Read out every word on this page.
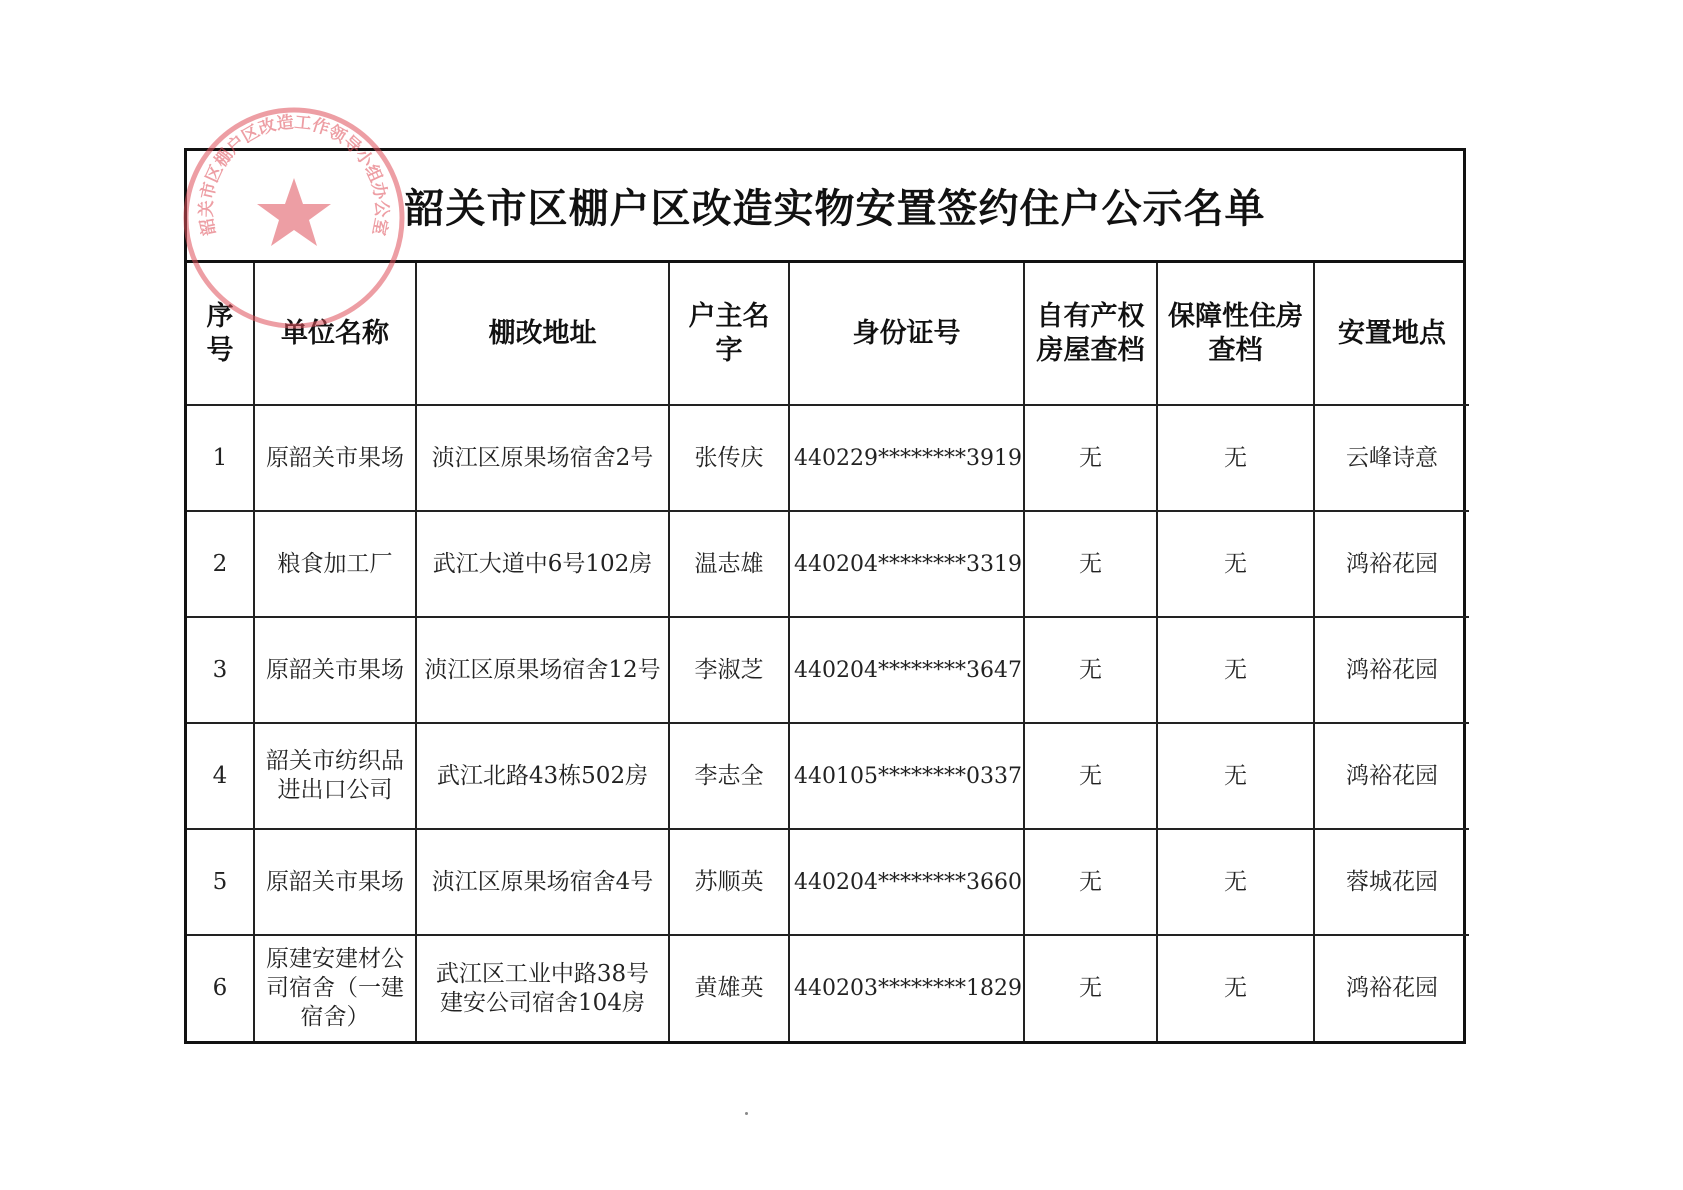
韶关市区棚户区改造实物安置签约住户公示名单
序号	单位名称	棚改地址	户主名字	身份证号	自有产权房屋查档	保障性住房查档	安置地点
1	原韶关市果场	浈江区原果场宿舍2号	张传庆	440229********3919	无	无	云峰诗意
2	粮食加工厂	武江大道中6号102房	温志雄	440204********3319	无	无	鸿裕花园
3	原韶关市果场	浈江区原果场宿舍12号	李淑芝	440204********3647	无	无	鸿裕花园
4	韶关市纺织品进出口公司	武江北路43栋502房	李志全	440105********0337	无	无	鸿裕花园
5	原韶关市果场	浈江区原果场宿舍4号	苏顺英	440204********3660	无	无	蓉城花园
6	原建安建材公司宿舍（一建宿舍）	武江区工业中路38号建安公司宿舍104房	黄雄英	440203********1829	无	无	鸿裕花园
韶关市区棚户区改造工作领导小组办公室
